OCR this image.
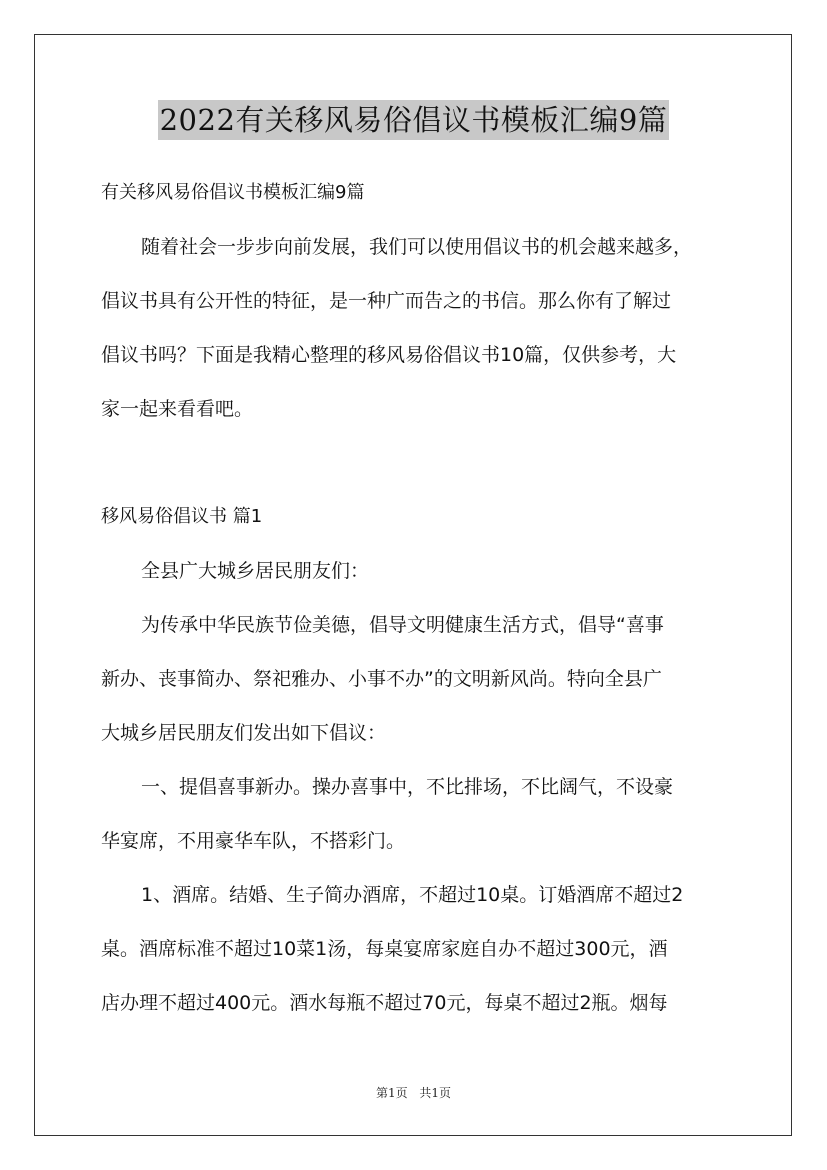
2022有关移风易俗倡议书模板汇编9篇

有关移风易俗倡议书模板汇编9篇

随着社会一步步向前发展，我们可以使用倡议书的机会越来越多，

倡议书具有公开性的特征，是一种广而告之的书信。那么你有了解过

倡议书吗？下面是我精心整理的移风易俗倡议书10篇，仅供参考，大

家一起来看看吧。

移风易俗倡议书 篇1

全县广大城乡居民朋友们：

为传承中华民族节俭美德，倡导文明健康生活方式，倡导“喜事

新办、丧事简办、祭祀雅办、小事不办”的文明新风尚。特向全县广

大城乡居民朋友们发出如下倡议：

一、提倡喜事新办。操办喜事中，不比排场，不比阔气，不设豪

华宴席，不用豪华车队，不搭彩门。

1、酒席。结婚、生子简办酒席，不超过10桌。订婚酒席不超过2

桌。酒席标准不超过10菜1汤，每桌宴席家庭自办不超过300元，酒

店办理不超过400元。酒水每瓶不超过70元，每桌不超过2瓶。烟每

第1页 共1页
